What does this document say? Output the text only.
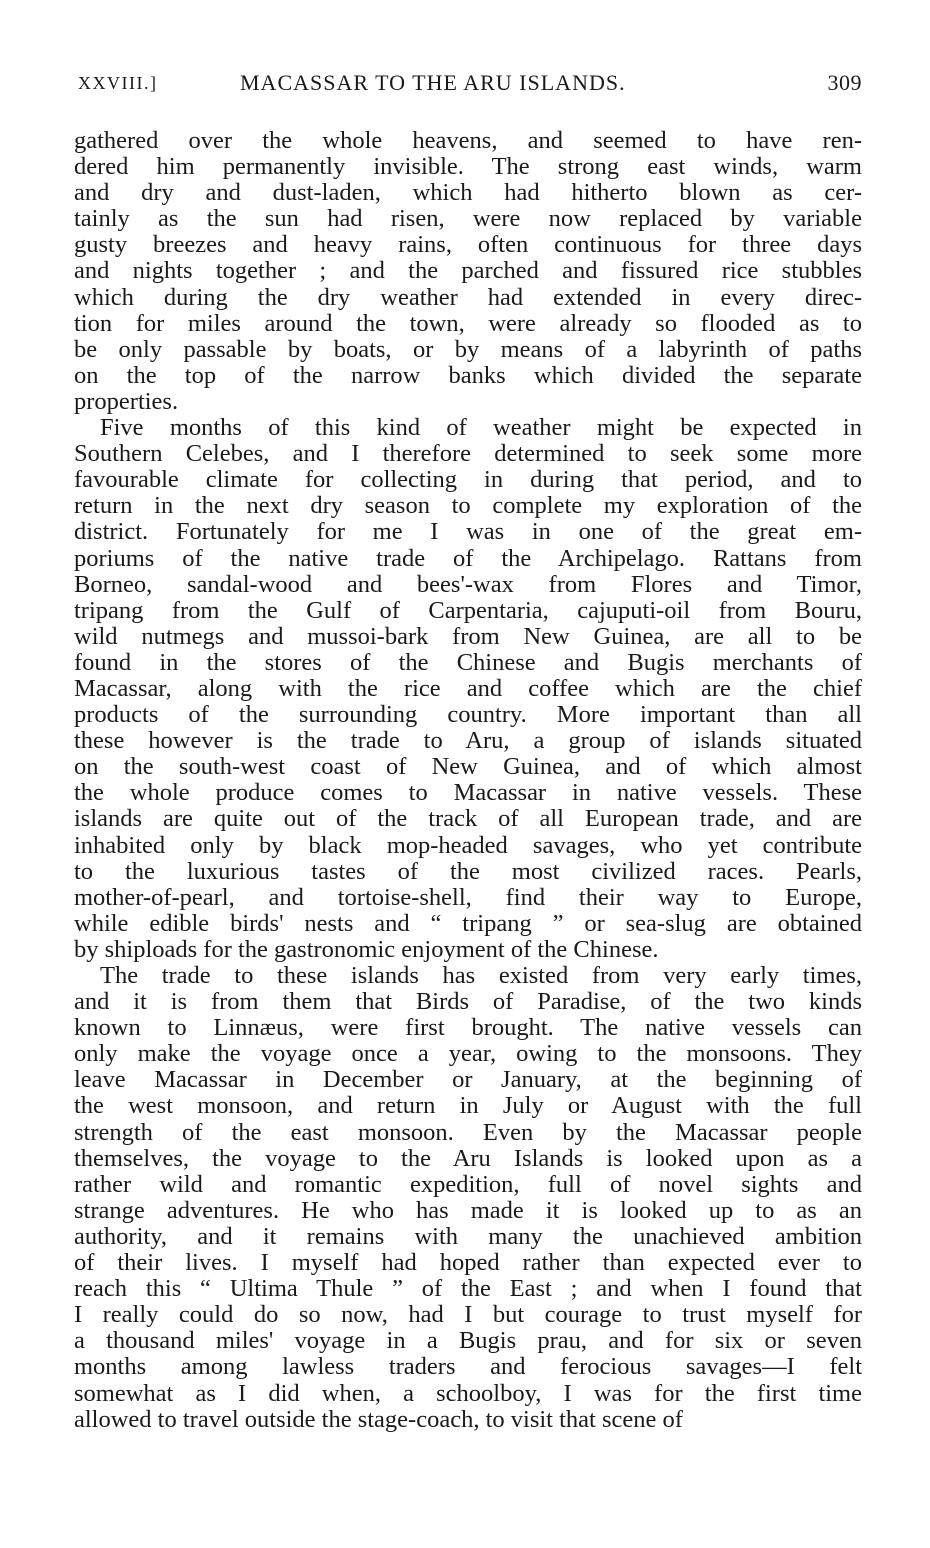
XXVIII.]	MACASSAR TO THE ARU ISLANDS.	309
gathered over the whole heavens, and seemed to have ren-
dered him permanently invisible. The strong east winds, warm
and dry and dust-laden, which had hitherto blown as cer-
tainly as the sun had risen, were now replaced by variable
gusty breezes and heavy rains, often continuous for three days
and nights together ; and the parched and fissured rice stubbles
which during the dry weather had extended in every direc-
tion for miles around the town, were already so flooded as to
be only passable by boats, or by means of a labyrinth of paths
on the top of the narrow banks which divided the separate
properties.
Five months of this kind of weather might be expected in
Southern Celebes, and I therefore determined to seek some more
favourable climate for collecting in during that period, and to
return in the next dry season to complete my exploration of the
district. Fortunately for me I was in one of the great em-
poriums of the native trade of the Archipelago. Rattans from
Borneo, sandal-wood and bees'-wax from Flores and Timor,
tripang from the Gulf of Carpentaria, cajuputi-oil from Bouru,
wild nutmegs and mussoi-bark from New Guinea, are all to be
found in the stores of the Chinese and Bugis merchants of
Macassar, along with the rice and coffee which are the chief
products of the surrounding country. More important than all
these however is the trade to Aru, a group of islands situated
on the south-west coast of New Guinea, and of which almost
the whole produce comes to Macassar in native vessels. These
islands are quite out of the track of all European trade, and are
inhabited only by black mop-headed savages, who yet contribute
to the luxurious tastes of the most civilized races. Pearls,
mother-of-pearl, and tortoise-shell, find their way to Europe,
while edible birds' nests and “ tripang ” or sea-slug are obtained
by shiploads for the gastronomic enjoyment of the Chinese.
The trade to these islands has existed from very early times,
and it is from them that Birds of Paradise, of the two kinds
known to Linnæus, were first brought. The native vessels can
only make the voyage once a year, owing to the monsoons. They
leave Macassar in December or January, at the beginning of
the west monsoon, and return in July or August with the full
strength of the east monsoon. Even by the Macassar people
themselves, the voyage to the Aru Islands is looked upon as a
rather wild and romantic expedition, full of novel sights and
strange adventures. He who has made it is looked up to as an
authority, and it remains with many the unachieved ambition
of their lives. I myself had hoped rather than expected ever to
reach this “ Ultima Thule ” of the East ; and when I found that
I really could do so now, had I but courage to trust myself for
a thousand miles' voyage in a Bugis prau, and for six or seven
months among lawless traders and ferocious savages—I felt
somewhat as I did when, a schoolboy, I was for the first time
allowed to travel outside the stage-coach, to visit that scene of
